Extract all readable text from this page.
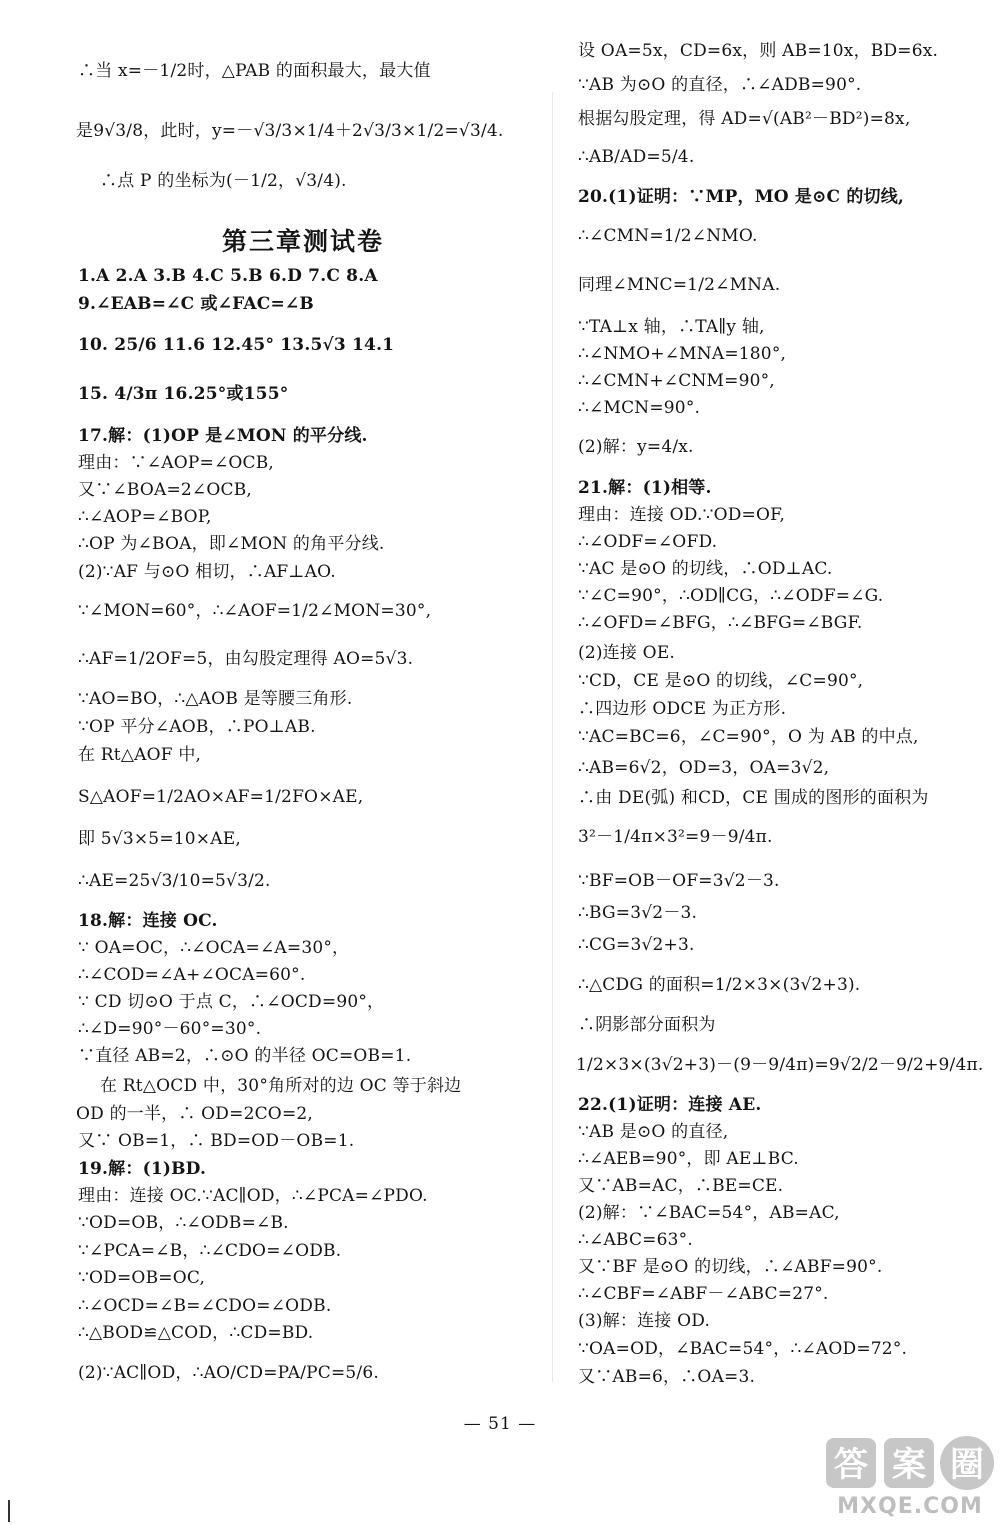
∴当 x=－1/2时，△PAB 的面积最大，最大值
是9√3/8，此时，y=－√3/3×1/4＋2√3/3×1/2=√3/4.
∴点 P 的坐标为(－1/2，√3/4).
第三章测试卷
1.A 2.A 3.B 4.C 5.B 6.D 7.C 8.A
9.∠EAB=∠C 或∠FAC=∠B
10. 25/6 11.6 12.45° 13.5√3 14.1
15. 4/3π 16.25°或155°
17.解：(1)OP 是∠MON 的平分线.
理由：∵∠AOP=∠OCB,
又∵∠BOA=2∠OCB,
∴∠AOP=∠BOP,
∴OP 为∠BOA，即∠MON 的角平分线.
(2)∵AF 与⊙O 相切，∴AF⊥AO.
∵∠MON=60°，∴∠AOF=1/2∠MON=30°,
∴AF=1/2OF=5，由勾股定理得 AO=5√3.
∵AO=BO，∴△AOB 是等腰三角形.
∵OP 平分∠AOB，∴PO⊥AB.
在 Rt△AOF 中,
S△AOF=1/2AO×AF=1/2FO×AE,
即 5√3×5=10×AE,
∴AE=25√3/10=5√3/2.
18.解：连接 OC.
∵ OA=OC，∴∠OCA=∠A=30°，
∴∠COD=∠A+∠OCA=60°.
∵ CD 切⊙O 于点 C，∴∠OCD=90°，
∴∠D=90°－60°=30°.
∵直径 AB=2，∴⊙O 的半径 OC=OB=1.
在 Rt△OCD 中，30°角所对的边 OC 等于斜边
OD 的一半，∴ OD=2CO=2,
又∵ OB=1，∴ BD=OD－OB=1.
19.解：(1)BD.
理由：连接 OC.∵AC∥OD，∴∠PCA=∠PDO.
∵OD=OB，∴∠ODB=∠B.
∵∠PCA=∠B，∴∠CDO=∠ODB.
∵OD=OB=OC,
∴∠OCD=∠B=∠CDO=∠ODB.
∴△BOD≌△COD，∴CD=BD.
(2)∵AC∥OD，∴AO/CD=PA/PC=5/6.
设 OA=5x，CD=6x，则 AB=10x，BD=6x.
∵AB 为⊙O 的直径，∴∠ADB=90°.
根据勾股定理，得 AD=√(AB²－BD²)=8x,
∴AB/AD=5/4.
20.(1)证明：∵MP，MO 是⊙C 的切线,
∴∠CMN=1/2∠NMO.
同理∠MNC=1/2∠MNA.
∵TA⊥x 轴，∴TA∥y 轴,
∴∠NMO+∠MNA=180°,
∴∠CMN+∠CNM=90°,
∴∠MCN=90°.
(2)解：y=4/x.
21.解：(1)相等.
理由：连接 OD.∵OD=OF,
∴∠ODF=∠OFD.
∵AC 是⊙O 的切线，∴OD⊥AC.
∵∠C=90°，∴OD∥CG，∴∠ODF=∠G.
∴∠OFD=∠BFG，∴∠BFG=∠BGF.
(2)连接 OE.
∵CD，CE 是⊙O 的切线，∠C=90°,
∴四边形 ODCE 为正方形.
∵AC=BC=6，∠C=90°，O 为 AB 的中点,
∴AB=6√2，OD=3，OA=3√2,
∴由 DE(弧) 和CD，CE 围成的图形的面积为
3²－1/4π×3²=9－9/4π.
∵BF=OB－OF=3√2－3.
∴BG=3√2－3.
∴CG=3√2+3.
∴△CDG 的面积=1/2×3×(3√2+3).
∴阴影部分面积为
1/2×3×(3√2+3)－(9－9/4π)=9√2/2－9/2+9/4π.
22.(1)证明：连接 AE.
∵AB 是⊙O 的直径,
∴∠AEB=90°，即 AE⊥BC.
又∵AB=AC，∴BE=CE.
(2)解：∵∠BAC=54°，AB=AC,
∴∠ABC=63°.
又∵BF 是⊙O 的切线，∴∠ABF=90°.
∴∠CBF=∠ABF－∠ABC=27°.
(3)解：连接 OD.
∵OA=OD，∠BAC=54°，∴∠AOD=72°.
又∵AB=6，∴OA=3.
— 51 —
答 案 圈
MXQE.COM
